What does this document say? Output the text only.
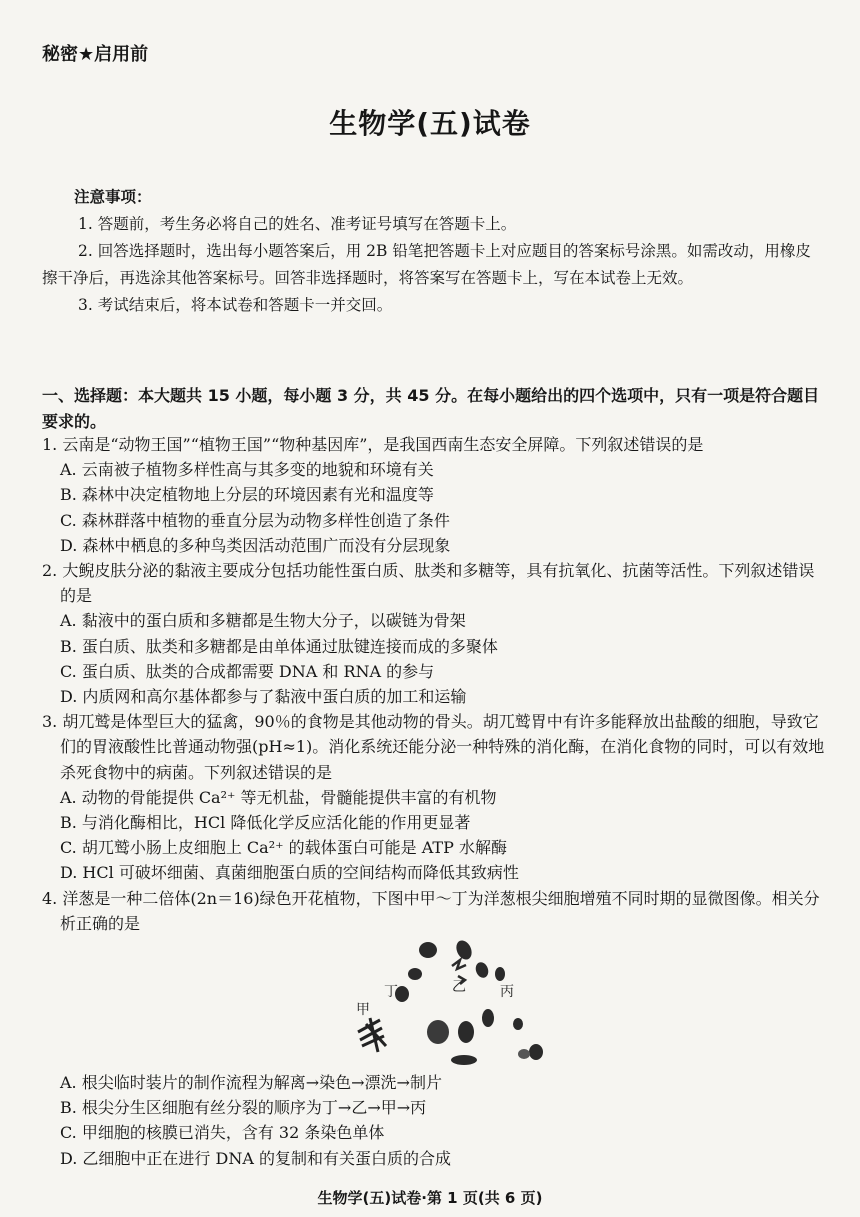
秘密★启用前
生物学(五)试卷
注意事项：
1. 答题前，考生务必将自己的姓名、准考证号填写在答题卡上。
2. 回答选择题时，选出每小题答案后，用 2B 铅笔把答题卡上对应题目的答案标号涂黑。如需改动，用橡皮擦干净后，再选涂其他答案标号。回答非选择题时，将答案写在答题卡上，写在本试卷上无效。
3. 考试结束后，将本试卷和答题卡一并交回。
一、选择题：本大题共 15 小题，每小题 3 分，共 45 分。在每小题给出的四个选项中，只有一项是符合题目要求的。
1. 云南是“动物王国”“植物王国”“物种基因库”，是我国西南生态安全屏障。下列叙述错误的是
A. 云南被子植物多样性高与其多变的地貌和环境有关
B. 森林中决定植物地上分层的环境因素有光和温度等
C. 森林群落中植物的垂直分层为动物多样性创造了条件
D. 森林中栖息的多种鸟类因活动范围广而没有分层现象
2. 大鲵皮肤分泌的黏液主要成分包括功能性蛋白质、肽类和多糖等，具有抗氧化、抗菌等活性。下列叙述错误的是
A. 黏液中的蛋白质和多糖都是生物大分子，以碳链为骨架
B. 蛋白质、肽类和多糖都是由单体通过肽键连接而成的多聚体
C. 蛋白质、肽类的合成都需要 DNA 和 RNA 的参与
D. 内质网和高尔基体都参与了黏液中蛋白质的加工和运输
3. 胡兀鹫是体型巨大的猛禽，90％的食物是其他动物的骨头。胡兀鹫胃中有许多能释放出盐酸的细胞，导致它们的胃液酸性比普通动物强(pH≈1)。消化系统还能分泌一种特殊的消化酶，在消化食物的同时，可以有效地杀死食物中的病菌。下列叙述错误的是
A. 动物的骨能提供 Ca²⁺ 等无机盐，骨髓能提供丰富的有机物
B. 与消化酶相比，HCl 降低化学反应活化能的作用更显著
C. 胡兀鹫小肠上皮细胞上 Ca²⁺ 的载体蛋白可能是 ATP 水解酶
D. HCl 可破坏细菌、真菌细胞蛋白质的空间结构而降低其致病性
4. 洋葱是一种二倍体(2n＝16)绿色开花植物，下图中甲～丁为洋葱根尖细胞增殖不同时期的显微图像。相关分析正确的是
丁	乙 丙
甲
A. 根尖临时装片的制作流程为解离→染色→漂洗→制片
B. 根尖分生区细胞有丝分裂的顺序为丁→乙→甲→丙
C. 甲细胞的核膜已消失，含有 32 条染色单体
D. 乙细胞中正在进行 DNA 的复制和有关蛋白质的合成
生物学(五)试卷·第 1 页(共 6 页)
